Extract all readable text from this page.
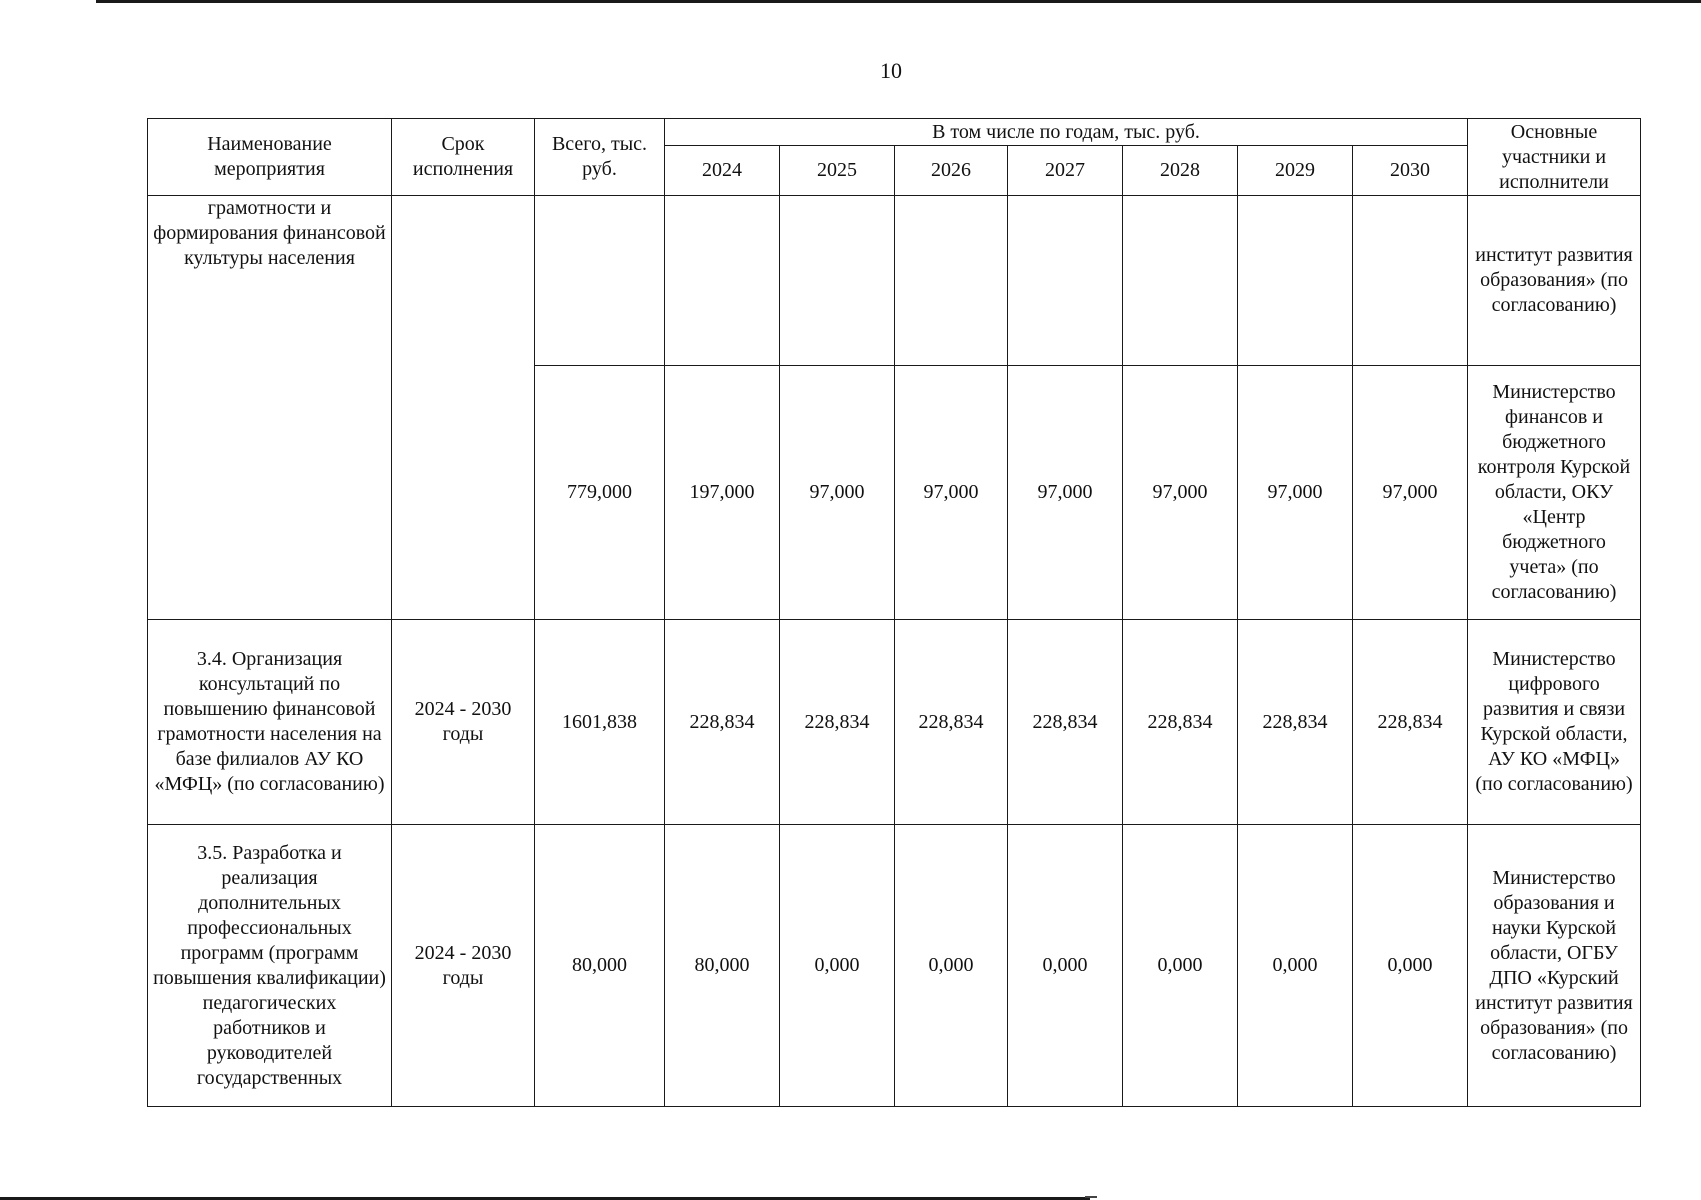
10
Наименование мероприятия	Срок исполнения	Всего, тыс. руб.	В том числе по годам, тыс. руб.							Основные участники и исполнители
			2024	2025	2026	2027	2028	2029	2030	
грамотности и формирования финансовой культуры населения										институт развития образования» (по согласованию)
		779,000	197,000	97,000	97,000	97,000	97,000	97,000	97,000	Министерство финансов и бюджетного контроля Курской области, ОКУ «Центр бюджетного учета» (по согласованию)
3.4. Организация консультаций по повышению финансовой грамотности населения на базе филиалов АУ КО «МФЦ» (по согласованию)	2024 - 2030 годы	1601,838	228,834	228,834	228,834	228,834	228,834	228,834	228,834	Министерство цифрового развития и связи Курской области, АУ КО «МФЦ» (по согласованию)
3.5. Разработка и реализация дополнительных профессиональных программ (программ повышения квалификации) педагогических работников и руководителей государственных	2024 - 2030 годы	80,000	80,000	0,000	0,000	0,000	0,000	0,000	0,000	Министерство образования и науки Курской области, ОГБУ ДПО «Курский институт развития образования» (по согласованию)
